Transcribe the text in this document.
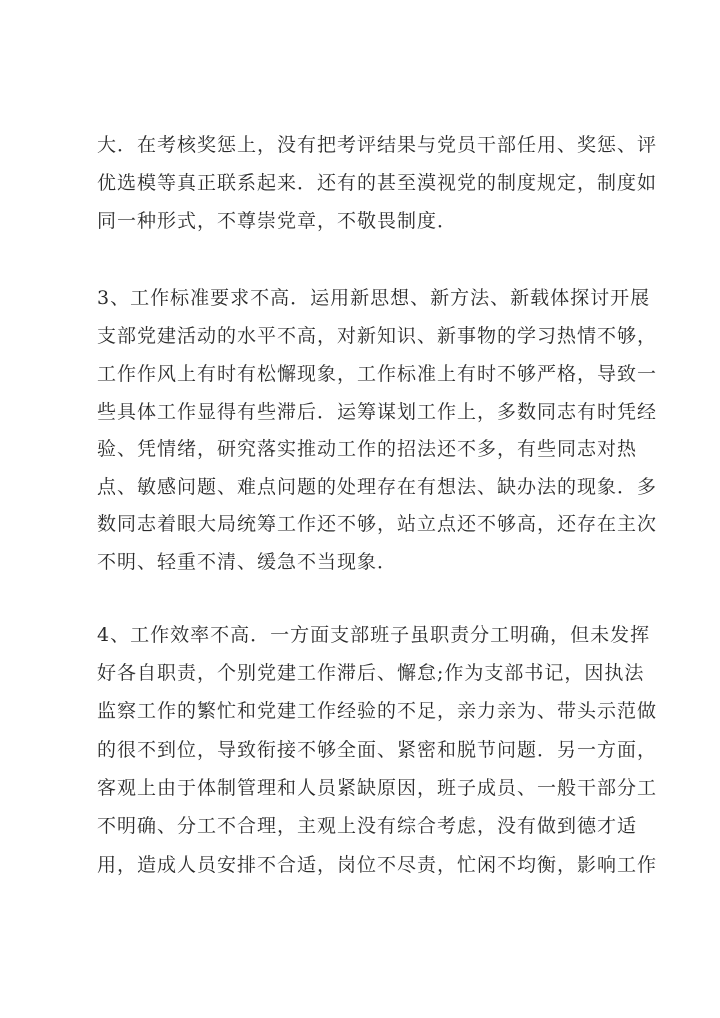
大．在考核奖惩上，没有把考评结果与党员干部任用、奖惩、评
优选模等真正联系起来．还有的甚至漠视党的制度规定，制度如
同一种形式，不尊崇党章，不敬畏制度．
3、工作标准要求不高．运用新思想、新方法、新载体探讨开展
支部党建活动的水平不高，对新知识、新事物的学习热情不够，
工作作风上有时有松懈现象，工作标准上有时不够严格，导致一
些具体工作显得有些滞后．运筹谋划工作上，多数同志有时凭经
验、凭情绪，研究落实推动工作的招法还不多，有些同志对热
点、敏感问题、难点问题的处理存在有想法、缺办法的现象．多
数同志着眼大局统筹工作还不够，站立点还不够高，还存在主次
不明、轻重不清、缓急不当现象．
4、工作效率不高．一方面支部班子虽职责分工明确，但未发挥
好各自职责，个别党建工作滞后、懈怠;作为支部书记，因执法
监察工作的繁忙和党建工作经验的不足，亲力亲为、带头示范做
的很不到位，导致衔接不够全面、紧密和脱节问题．另一方面，
客观上由于体制管理和人员紧缺原因，班子成员、一般干部分工
不明确、分工不合理，主观上没有综合考虑，没有做到德才适
用，造成人员安排不合适，岗位不尽责，忙闲不均衡，影响工作
